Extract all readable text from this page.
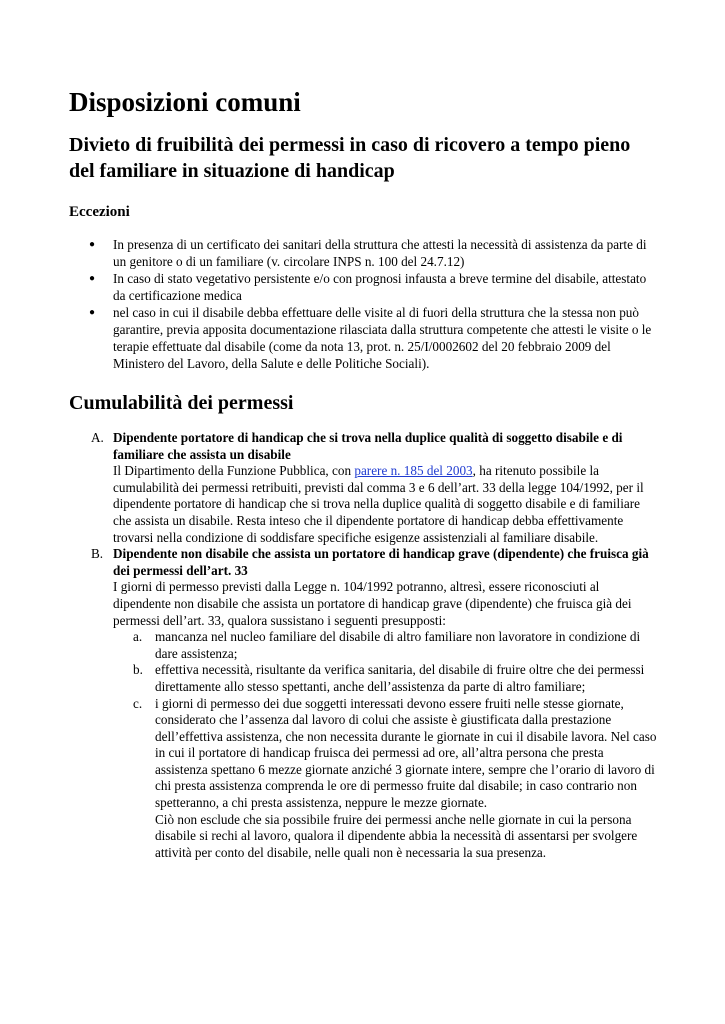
Disposizioni comuni
Divieto di fruibilità dei permessi in caso di ricovero a tempo pieno del familiare in situazione di handicap
Eccezioni
● In presenza di un certificato dei sanitari della struttura che attesti la necessità di assistenza da parte di un genitore o di un familiare (v. circolare INPS n. 100 del 24.7.12)
● In caso di stato vegetativo persistente e/o con prognosi infausta a breve termine del disabile, attestato da certificazione medica
● nel caso in cui il disabile debba effettuare delle visite al di fuori della struttura che la stessa non può garantire, previa apposita documentazione rilasciata dalla struttura competente che attesti le visite o le terapie effettuate dal disabile (come da nota 13, prot. n. 25/I/0002602 del 20 febbraio 2009 del Ministero del Lavoro, della Salute e delle Politiche Sociali).
Cumulabilità dei permessi
A. Dipendente portatore di handicap che si trova nella duplice qualità di soggetto disabile e di familiare che assista un disabile
Il Dipartimento della Funzione Pubblica, con parere n. 185 del 2003, ha ritenuto possibile la cumulabilità dei permessi retribuiti, previsti dal comma 3 e 6 dell’art. 33 della legge 104/1992, per il dipendente portatore di handicap che si trova nella duplice qualità di soggetto disabile e di familiare che assista un disabile. Resta inteso che il dipendente portatore di handicap debba effettivamente trovarsi nella condizione di soddisfare specifiche esigenze assistenziali al familiare disabile.
B. Dipendente non disabile che assista un portatore di handicap grave (dipendente) che fruisca già dei permessi dell’art. 33
I giorni di permesso previsti dalla Legge n. 104/1992 potranno, altresì, essere riconosciuti al dipendente non disabile che assista un portatore di handicap grave (dipendente) che fruisca già dei permessi dell’art. 33, qualora sussistano i seguenti presupposti:
a. mancanza nel nucleo familiare del disabile di altro familiare non lavoratore in condizione di dare assistenza;
b. effettiva necessità, risultante da verifica sanitaria, del disabile di fruire oltre che dei permessi direttamente allo stesso spettanti, anche dell’assistenza da parte di altro familiare;
c. i giorni di permesso dei due soggetti interessati devono essere fruiti nelle stesse giornate, considerato che l’assenza dal lavoro di colui che assiste è giustificata dalla prestazione dell’effettiva assistenza, che non necessita durante le giornate in cui il disabile lavora. Nel caso in cui il portatore di handicap fruisca dei permessi ad ore, all’altra persona che presta assistenza spettano 6 mezze giornate anziché 3 giornate intere, sempre che l’orario di lavoro di chi presta assistenza comprenda le ore di permesso fruite dal disabile; in caso contrario non spetteranno, a chi presta assistenza, neppure le mezze giornate.
Ciò non esclude che sia possibile fruire dei permessi anche nelle giornate in cui la persona disabile si rechi al lavoro, qualora il dipendente abbia la necessità di assentarsi per svolgere attività per conto del disabile, nelle quali non è necessaria la sua presenza.
